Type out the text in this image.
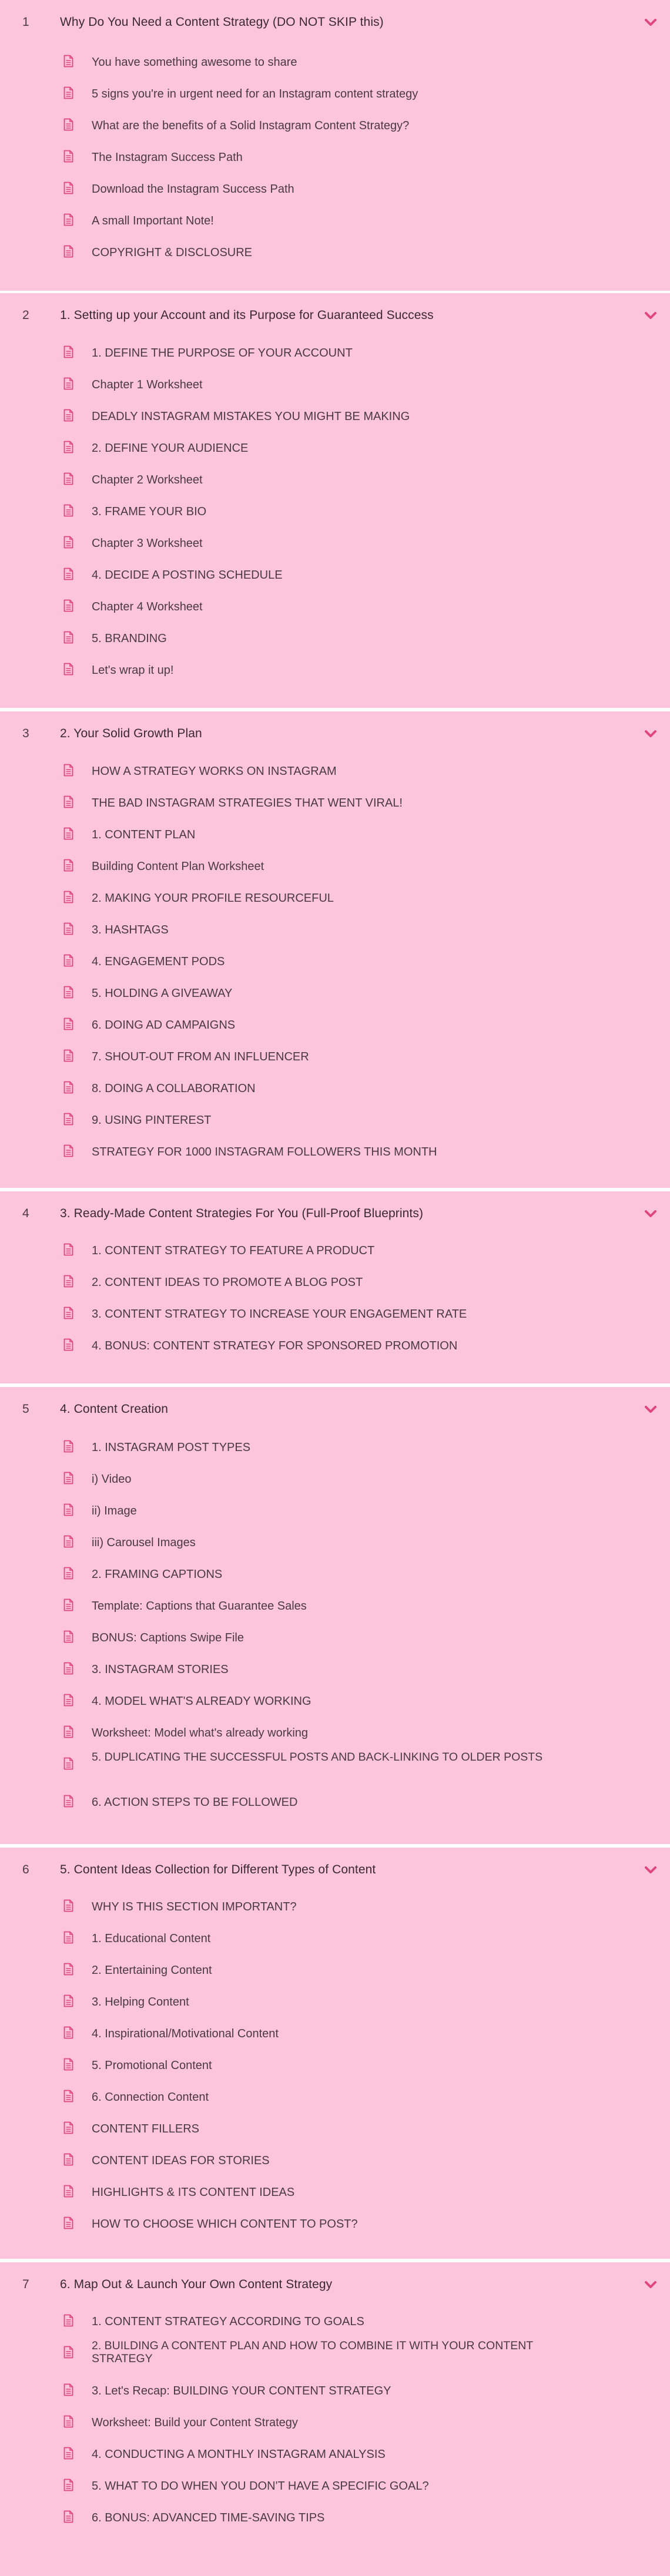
1 Why Do You Need a Content Strategy (DO NOT SKIP this)
You have something awesome to share
5 signs you're in urgent need for an Instagram content strategy
What are the benefits of a Solid Instagram Content Strategy?
The Instagram Success Path
Download the Instagram Success Path
A small Important Note!
COPYRIGHT & DISCLOSURE
2 1. Setting up your Account and its Purpose for Guaranteed Success
1. DEFINE THE PURPOSE OF YOUR ACCOUNT
Chapter 1 Worksheet
DEADLY INSTAGRAM MISTAKES YOU MIGHT BE MAKING
2. DEFINE YOUR AUDIENCE
Chapter 2 Worksheet
3. FRAME YOUR BIO
Chapter 3 Worksheet
4. DECIDE A POSTING SCHEDULE
Chapter 4 Worksheet
5. BRANDING
Let's wrap it up!
3 2. Your Solid Growth Plan
HOW A STRATEGY WORKS ON INSTAGRAM
THE BAD INSTAGRAM STRATEGIES THAT WENT VIRAL!
1. CONTENT PLAN
Building Content Plan Worksheet
2. MAKING YOUR PROFILE RESOURCEFUL
3. HASHTAGS
4. ENGAGEMENT PODS
5. HOLDING A GIVEAWAY
6. DOING AD CAMPAIGNS
7. SHOUT-OUT FROM AN INFLUENCER
8. DOING A COLLABORATION
9. USING PINTEREST
STRATEGY FOR 1000 INSTAGRAM FOLLOWERS THIS MONTH
4 3. Ready-Made Content Strategies For You (Full-Proof Blueprints)
1. CONTENT STRATEGY TO FEATURE A PRODUCT
2. CONTENT IDEAS TO PROMOTE A BLOG POST
3. CONTENT STRATEGY TO INCREASE YOUR ENGAGEMENT RATE
4. BONUS: CONTENT STRATEGY FOR SPONSORED PROMOTION
5 4. Content Creation
1. INSTAGRAM POST TYPES
i) Video
ii) Image
iii) Carousel Images
2. FRAMING CAPTIONS
Template: Captions that Guarantee Sales
BONUS: Captions Swipe File
3. INSTAGRAM STORIES
4. MODEL WHAT'S ALREADY WORKING
Worksheet: Model what's already working
5. DUPLICATING THE SUCCESSFUL POSTS AND BACK-LINKING TO OLDER POSTS
6. ACTION STEPS TO BE FOLLOWED
6 5. Content Ideas Collection for Different Types of Content
WHY IS THIS SECTION IMPORTANT?
1. Educational Content
2. Entertaining Content
3. Helping Content
4. Inspirational/Motivational Content
5. Promotional Content
6. Connection Content
CONTENT FILLERS
CONTENT IDEAS FOR STORIES
HIGHLIGHTS & ITS CONTENT IDEAS
HOW TO CHOOSE WHICH CONTENT TO POST?
7 6. Map Out & Launch Your Own Content Strategy
1. CONTENT STRATEGY ACCORDING TO GOALS
2. BUILDING A CONTENT PLAN AND HOW TO COMBINE IT WITH YOUR CONTENT STRATEGY
3. Let's Recap: BUILDING YOUR CONTENT STRATEGY
Worksheet: Build your Content Strategy
4. CONDUCTING A MONTHLY INSTAGRAM ANALYSIS
5. WHAT TO DO WHEN YOU DON'T HAVE A SPECIFIC GOAL?
6. BONUS: ADVANCED TIME-SAVING TIPS
